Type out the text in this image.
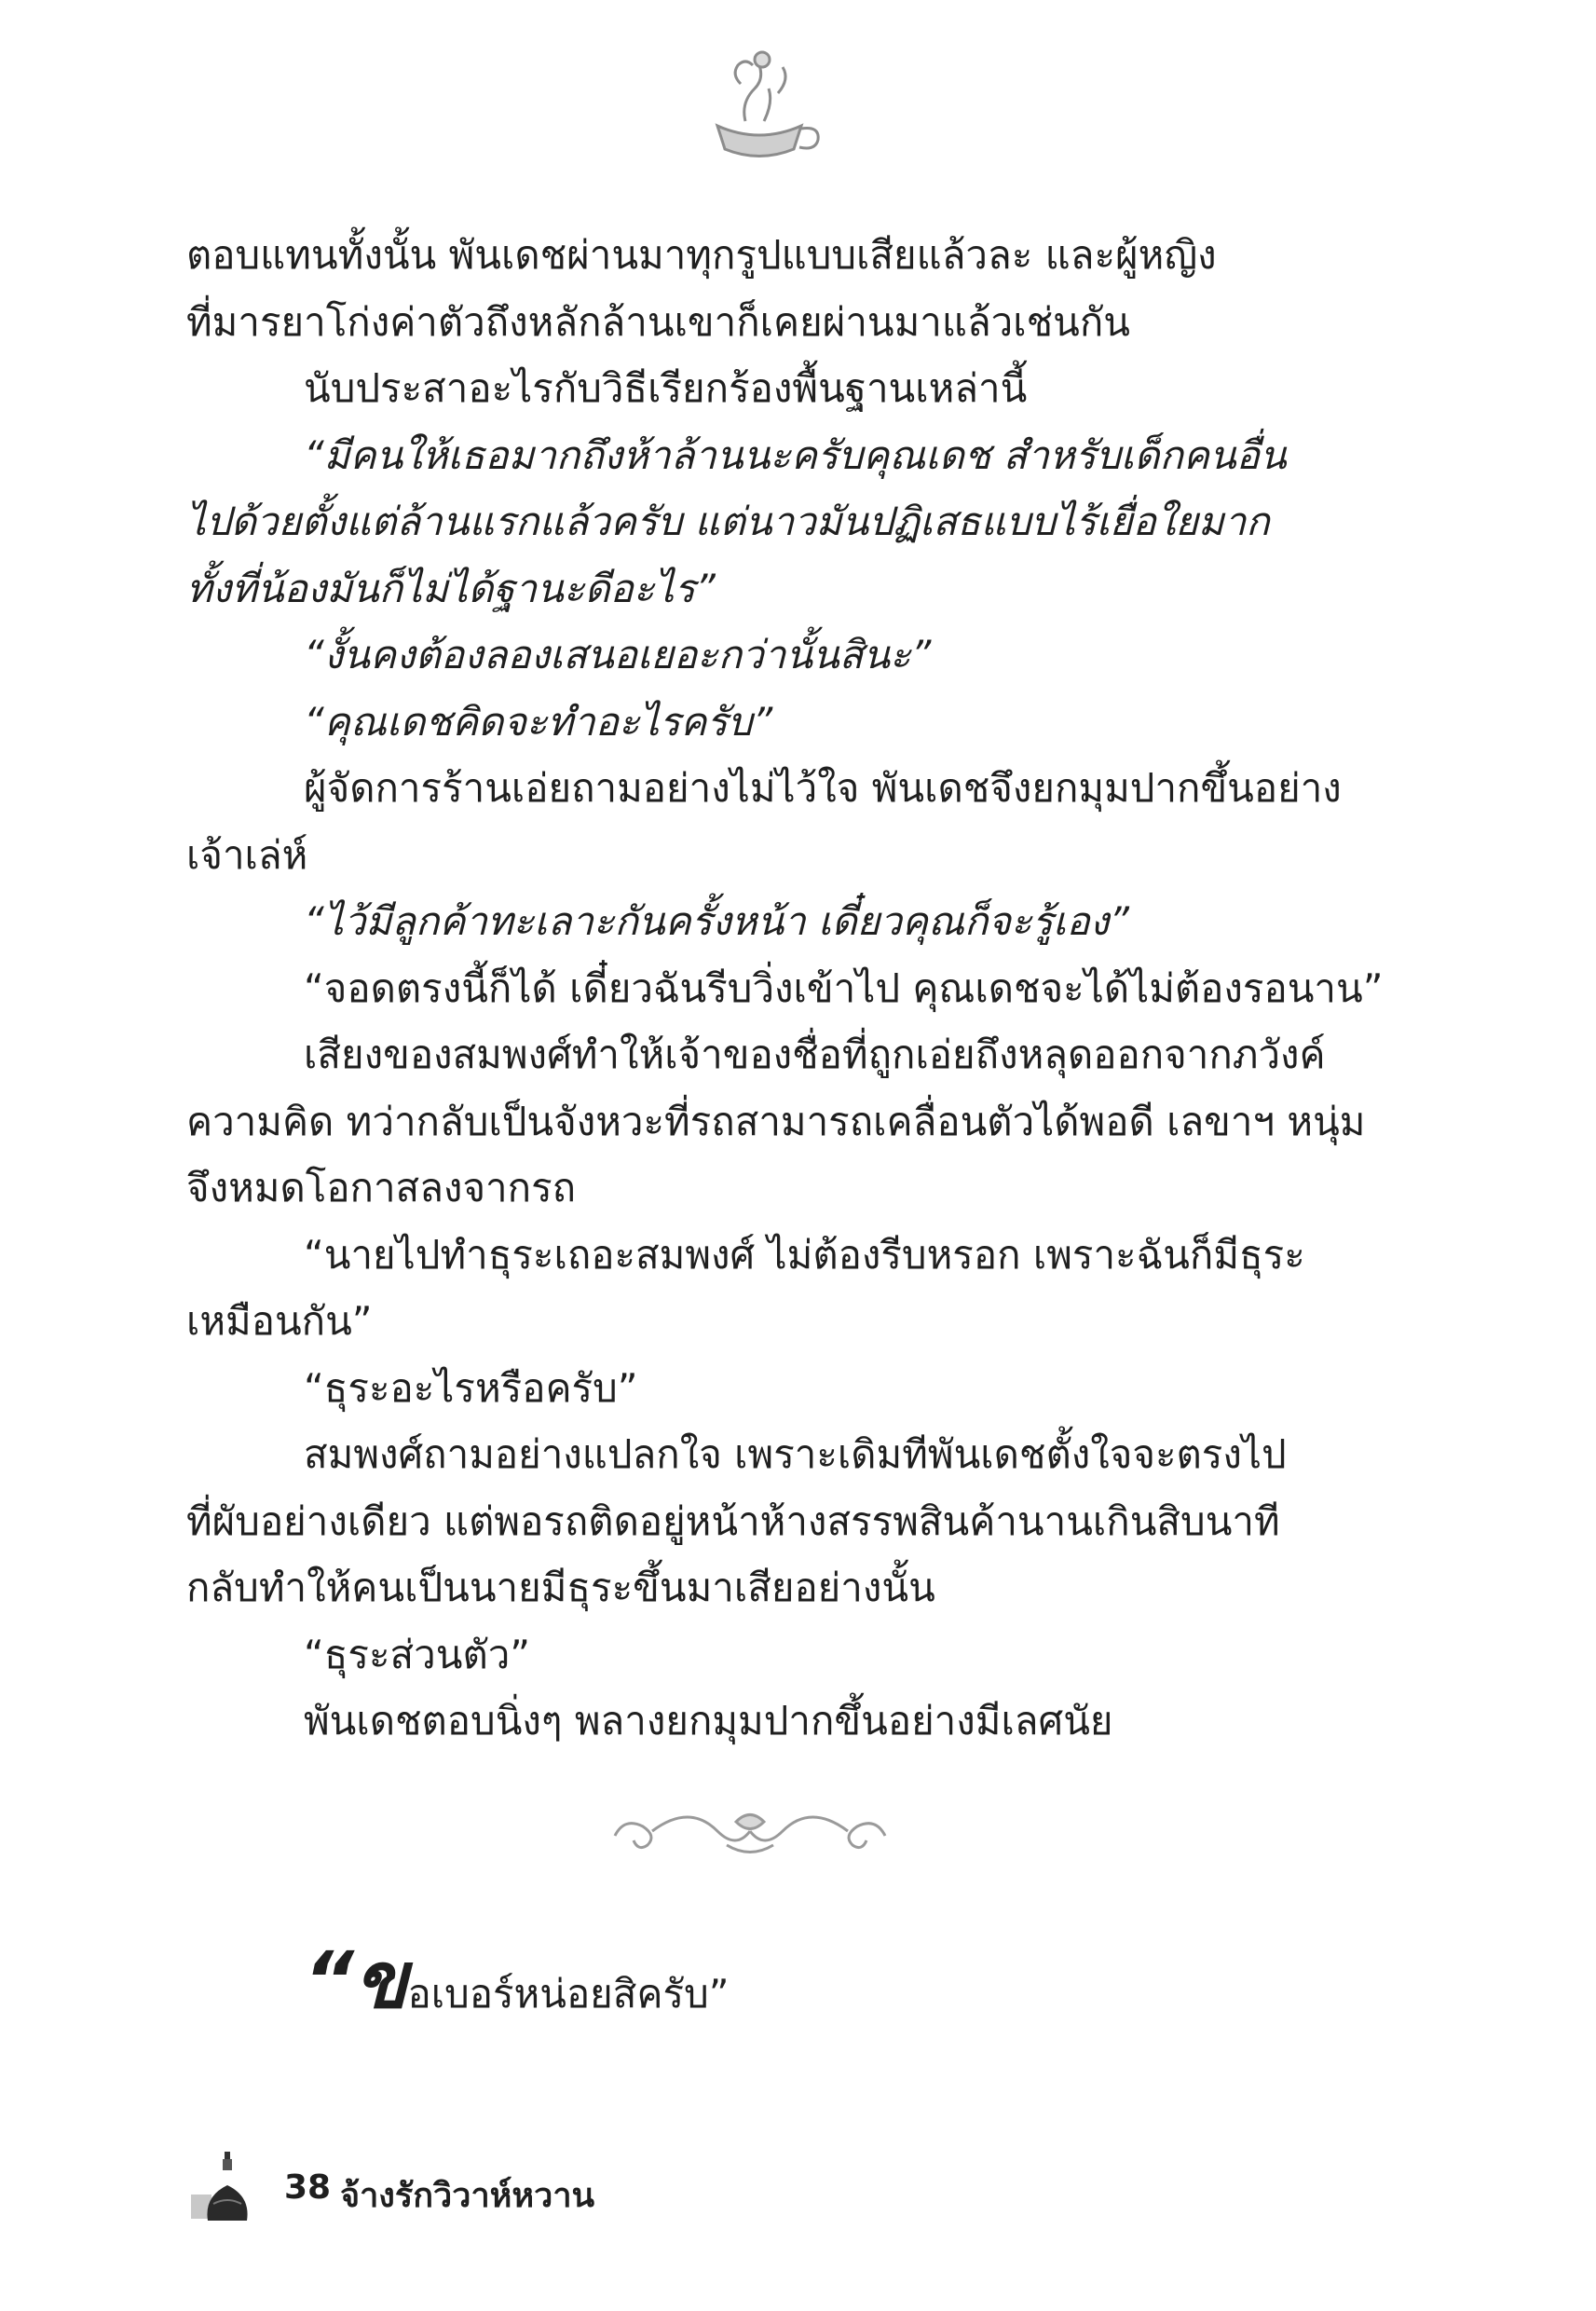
ตอบแทนทั้งนั้น พันเดชผ่านมาทุกรูปแบบเสียแล้วละ และผู้หญิง
ที่มารยาโก่งค่าตัวถึงหลักล้านเขาก็เคยผ่านมาแล้วเช่นกัน
นับประสาอะไรกับวิธีเรียกร้องพื้นฐานเหล่านี้
“มีคนให้เธอมากถึงห้าล้านนะครับคุณเดช สำหรับเด็กคนอื่น
ไปด้วยตั้งแต่ล้านแรกแล้วครับ แต่นาวมันปฏิเสธแบบไร้เยื่อใยมาก
ทั้งที่น้องมันก็ไม่ได้ฐานะดีอะไร”
“งั้นคงต้องลองเสนอเยอะกว่านั้นสินะ”
“คุณเดชคิดจะทำอะไรครับ”
ผู้จัดการร้านเอ่ยถามอย่างไม่ไว้ใจ พันเดชจึงยกมุมปากขึ้นอย่าง
เจ้าเล่ห์
“ไว้มีลูกค้าทะเลาะกันครั้งหน้า เดี๋ยวคุณก็จะรู้เอง”
“จอดตรงนี้ก็ได้ เดี๋ยวฉันรีบวิ่งเข้าไป คุณเดชจะได้ไม่ต้องรอนาน”
เสียงของสมพงศ์ทำให้เจ้าของชื่อที่ถูกเอ่ยถึงหลุดออกจากภวังค์
ความคิด ทว่ากลับเป็นจังหวะที่รถสามารถเคลื่อนตัวได้พอดี เลขาฯ หนุ่ม
จึงหมดโอกาสลงจากรถ
“นายไปทำธุระเถอะสมพงศ์ ไม่ต้องรีบหรอก เพราะฉันก็มีธุระ
เหมือนกัน”
“ธุระอะไรหรือครับ”
สมพงศ์ถามอย่างแปลกใจ เพราะเดิมทีพันเดชตั้งใจจะตรงไป
ที่ผับอย่างเดียว แต่พอรถติดอยู่หน้าห้างสรรพสินค้านานเกินสิบนาที
กลับทำให้คนเป็นนายมีธุระขึ้นมาเสียอย่างนั้น
“ธุระส่วนตัว”
พันเดชตอบนิ่งๆ พลางยกมุมปากขึ้นอย่างมีเลศนัย
“ขอเบอร์หน่อยสิครับ”
38 จ้างรักวิวาห์หวาน
